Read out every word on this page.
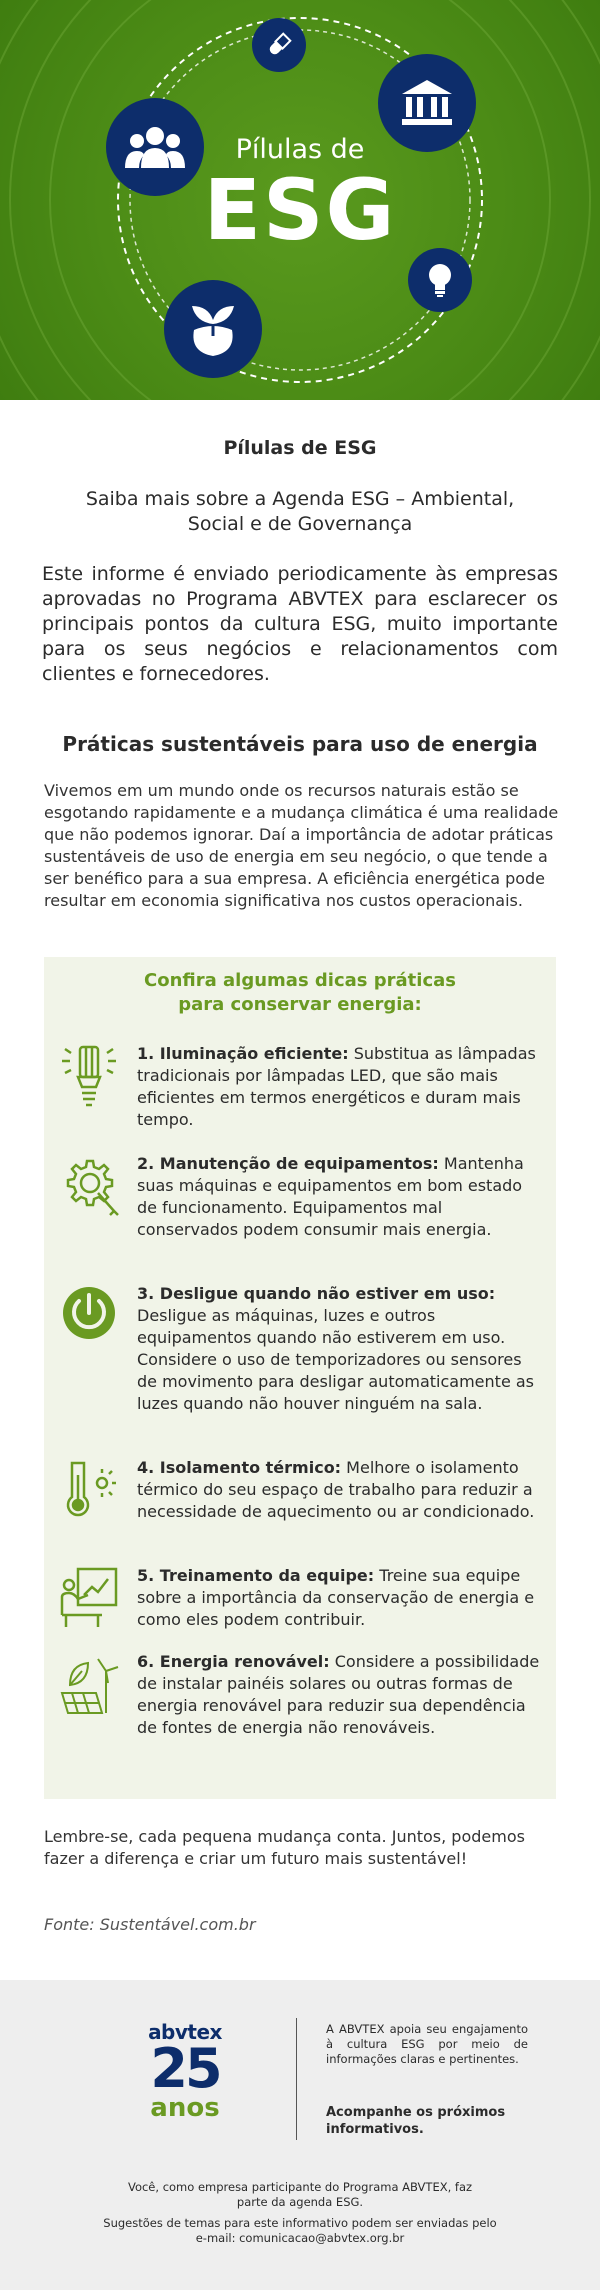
Pílulas de
ESG
Pílulas de ESG
Saiba mais sobre a Agenda ESG – Ambiental, Social e de Governança
Este informe é enviado periodicamente às empresas aprovadas no Programa ABVTEX para esclarecer os principais pontos da cultura ESG, muito importante para os seus negócios e relacionamentos com clientes e fornecedores.
Práticas sustentáveis para uso de energia
Vivemos em um mundo onde os recursos naturais estão se esgotando rapidamente e a mudança climática é uma realidade que não podemos ignorar. Daí a importância de adotar práticas sustentáveis de uso de energia em seu negócio, o que tende a ser benéfico para a sua empresa. A eficiência energética pode resultar em economia significativa nos custos operacionais.
Confira algumas dicas práticas
para conservar energia:
1. Iluminação eficiente: Substitua as lâmpadas tradicionais por lâmpadas LED, que são mais eficientes em termos energéticos e duram mais tempo.
2. Manutenção de equipamentos: Mantenha suas máquinas e equipamentos em bom estado de funcionamento. Equipamentos mal conservados podem consumir mais energia.
3. Desligue quando não estiver em uso: Desligue as máquinas, luzes e outros equipamentos quando não estiverem em uso. Considere o uso de temporizadores ou sensores de movimento para desligar automaticamente as luzes quando não houver ninguém na sala.
4. Isolamento térmico: Melhore o isolamento térmico do seu espaço de trabalho para reduzir a necessidade de aquecimento ou ar condicionado.
5. Treinamento da equipe: Treine sua equipe sobre a importância da conservação de energia e como eles podem contribuir.
6. Energia renovável: Considere a possibilidade de instalar painéis solares ou outras formas de energia renovável para reduzir sua dependência de fontes de energia não renováveis.
Lembre-se, cada pequena mudança conta. Juntos, podemos fazer a diferença e criar um futuro mais sustentável!
Fonte: Sustentável.com.br
abvtex
25
anos
A ABVTEX apoia seu engajamento à cultura ESG por meio de informações claras e pertinentes.
Acompanhe os próximos informativos.
Você, como empresa participante do Programa ABVTEX, faz parte da agenda ESG.
Sugestões de temas para este informativo podem ser enviadas pelo e-mail: comunicacao@abvtex.org.br
